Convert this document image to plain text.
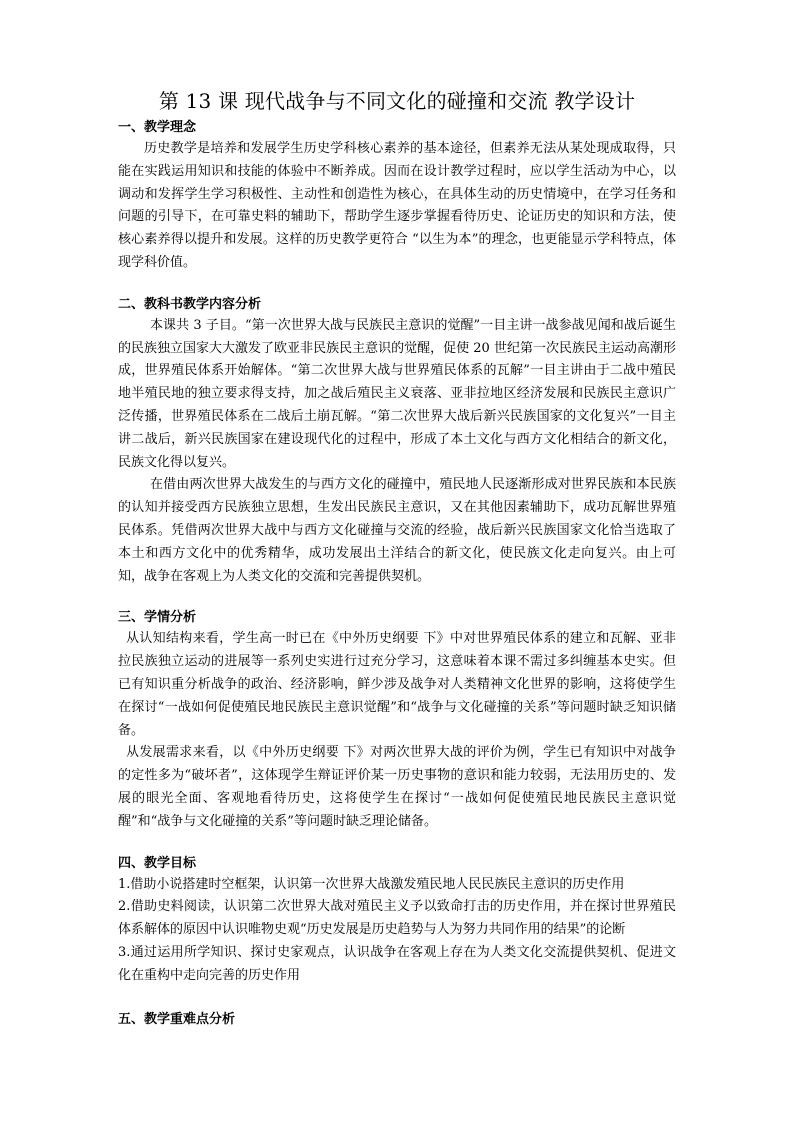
第 13 课 现代战争与不同文化的碰撞和交流 教学设计
一、教学理念
历史教学是培养和发展学生历史学科核心素养的基本途径，但素养无法从某处现成取得，只能在实践运用知识和技能的体验中不断养成。因而在设计教学过程时，应以学生活动为中心，以调动和发挥学生学习积极性、主动性和创造性为核心，在具体生动的历史情境中，在学习任务和问题的引导下，在可靠史料的辅助下，帮助学生逐步掌握看待历史、论证历史的知识和方法，使核心素养得以提升和发展。这样的历史教学更符合 “以生为本”的理念，也更能显示学科特点，体现学科价值。
二、教科书教学内容分析
本课共 3 子目。“第一次世界大战与民族民主意识的觉醒”一目主讲一战参战见闻和战后诞生的民族独立国家大大激发了欧亚非民族民主意识的觉醒，促使 20 世纪第一次民族民主运动高潮形成，世界殖民体系开始解体。“第二次世界大战与世界殖民体系的瓦解”一目主讲由于二战中殖民地半殖民地的独立要求得支持，加之战后殖民主义衰落、亚非拉地区经济发展和民族民主意识广泛传播，世界殖民体系在二战后土崩瓦解。“第二次世界大战后新兴民族国家的文化复兴”一目主讲二战后，新兴民族国家在建设现代化的过程中，形成了本土文化与西方文化相结合的新文化，民族文化得以复兴。
在借由两次世界大战发生的与西方文化的碰撞中，殖民地人民逐渐形成对世界民族和本民族的认知并接受西方民族独立思想，生发出民族民主意识，又在其他因素辅助下，成功瓦解世界殖民体系。凭借两次世界大战中与西方文化碰撞与交流的经验，战后新兴民族国家文化恰当选取了本土和西方文化中的优秀精华，成功发展出土洋结合的新文化，使民族文化走向复兴。由上可知，战争在客观上为人类文化的交流和完善提供契机。
三、学情分析
从认知结构来看，学生高一时已在《中外历史纲要 下》中对世界殖民体系的建立和瓦解、亚非拉民族独立运动的进展等一系列史实进行过充分学习，这意味着本课不需过多纠缠基本史实。但已有知识重分析战争的政治、经济影响，鲜少涉及战争对人类精神文化世界的影响，这将使学生在探讨“一战如何促使殖民地民族民主意识觉醒”和“战争与文化碰撞的关系”等问题时缺乏知识储备。
从发展需求来看，以《中外历史纲要 下》对两次世界大战的评价为例，学生已有知识中对战争的定性多为“破坏者”，这体现学生辩证评价某一历史事物的意识和能力较弱，无法用历史的、发展的眼光全面、客观地看待历史，这将使学生在探讨“一战如何促使殖民地民族民主意识觉醒”和“战争与文化碰撞的关系”等问题时缺乏理论储备。
四、教学目标
1.借助小说搭建时空框架，认识第一次世界大战激发殖民地人民民族民主意识的历史作用
2.借助史料阅读，认识第二次世界大战对殖民主义予以致命打击的历史作用，并在探讨世界殖民体系解体的原因中认识唯物史观“历史发展是历史趋势与人为努力共同作用的结果”的论断
3.通过运用所学知识、探讨史家观点，认识战争在客观上存在为人类文化交流提供契机、促进文化在重构中走向完善的历史作用
五、教学重难点分析
